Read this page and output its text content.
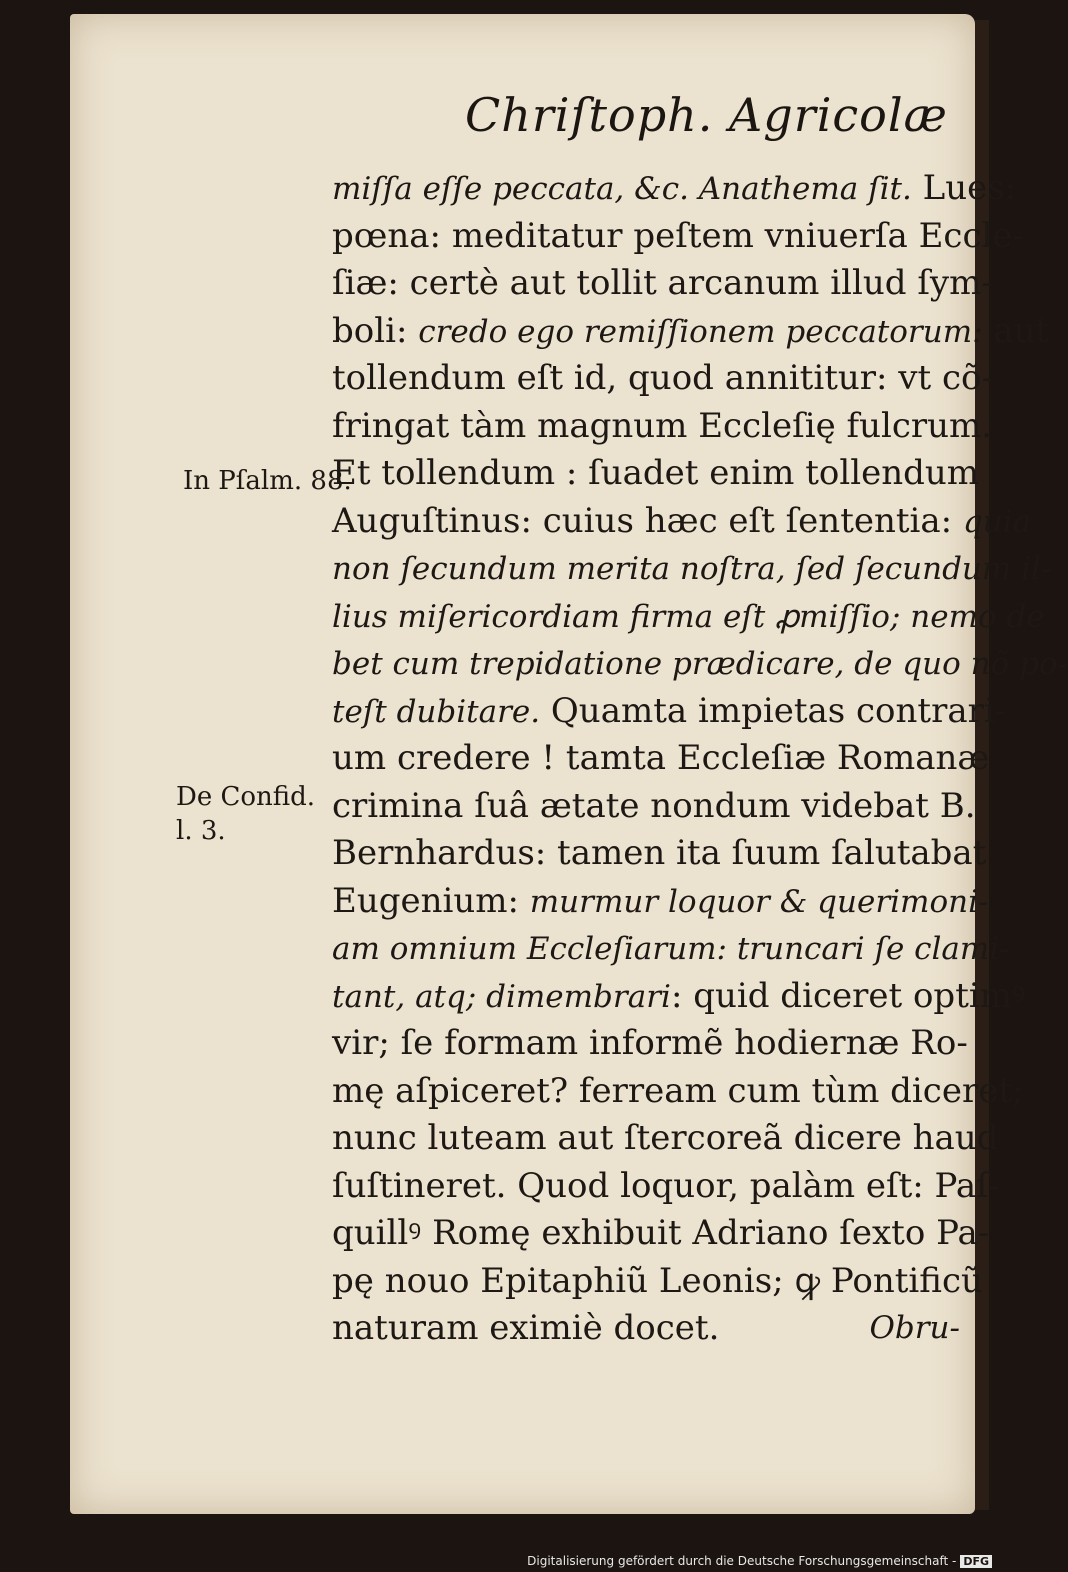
Chriſtoph. Agricolæ
miſſa eſſe peccata, &c. Anathema ſit. Lues:
pœna: meditatur peſtem vniuerſa Eccle-
ſiæ: certè aut tollit arcanum illud ſym-
boli: credo ego remiſſionem peccatorum: aut
tollendum eſt id, quod annititur: vt cõ-
fringat tàm magnum Eccleſię fulcrum.
Et tollendum : ſuadet enim tollendum
Auguſtinus: cuius hæc eſt ſententia: quia
non ſecundum merita noſtra, ſed ſecundum il-
lius miſericordiam firma eſt ꝓmiſſio; nemo de
bet cum trepidatione prædicare, de quo nõ po-
teſt dubitare. Quamta impietas contrari-
um credere ! tamta Eccleſiæ Romanæ
crimina ſuâ ætate nondum videbat B.
Bernhardus: tamen ita ſuum ſalutabat
Eugenium: murmur loquor & querimoni-
am omnium Eccleſiarum: truncari ſe clami-
tant, atq; dimembrari: quid diceret optimꝰ
vir; ſe formam informẽ hodiernæ Ro-
mę aſpiceret? ferream cum tùm diceret;
nunc luteam aut ſtercoreã dicere haud
ſuſtineret. Quod loquor, palàm eſt: Paſ-
quillꝰ Romę exhibuit Adriano ſexto Pa-
pę nouo Epitaphiũ Leonis; ꝙ Pontificũ
naturam eximiè docet.	Obru-
In Pſalm. 88.
De Confid.
l. 3.
Digitalisierung gefördert durch die Deutsche Forschungsgemeinschaft - DFG
